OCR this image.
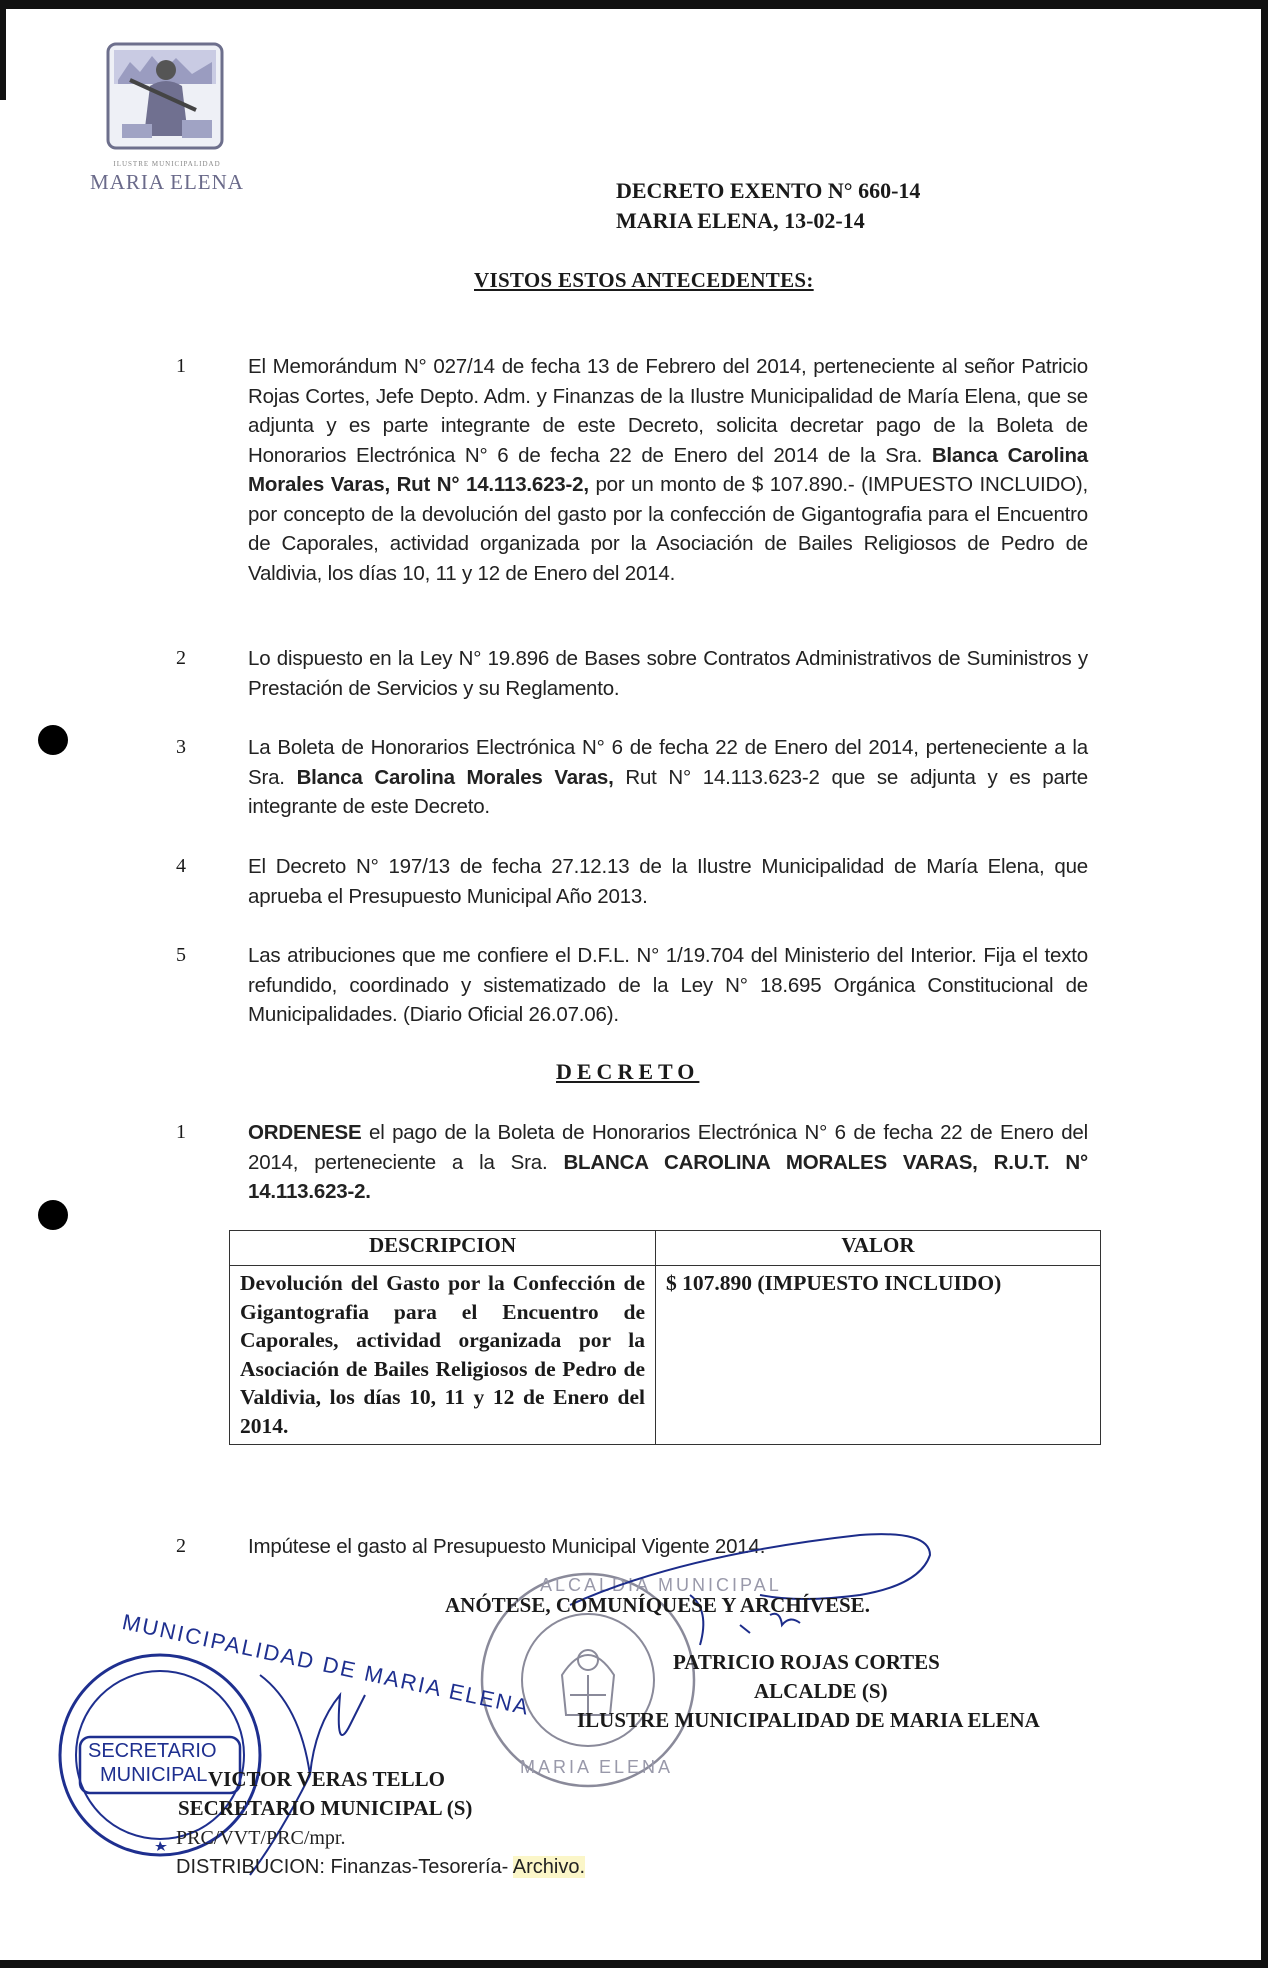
ILUSTRE MUNICIPALIDAD
MARIA ELENA	DECRETO EXENTO N° 660-14
MARIA ELENA, 13-02-14
VISTOS ESTOS ANTECEDENTES:
1	El Memorándum N° 027/14 de fecha 13 de Febrero del 2014, perteneciente al señor Patricio Rojas Cortes, Jefe Depto. Adm. y Finanzas de la Ilustre Municipalidad de María Elena, que se adjunta y es parte integrante de este Decreto, solicita decretar pago de la Boleta de Honorarios Electrónica N° 6 de fecha 22 de Enero del 2014 de la Sra. Blanca Carolina Morales Varas, Rut N° 14.113.623-2, por un monto de $ 107.890.- (IMPUESTO INCLUIDO), por concepto de la devolución del gasto por la confección de Gigantografia para el Encuentro de Caporales, actividad organizada por la Asociación de Bailes Religiosos de Pedro de Valdivia, los días 10, 11 y 12 de Enero del 2014.
2	Lo dispuesto en la Ley N° 19.896 de Bases sobre Contratos Administrativos de Suministros y Prestación de Servicios y su Reglamento.
3	La Boleta de Honorarios Electrónica N° 6 de fecha 22 de Enero del 2014, perteneciente a la Sra. Blanca Carolina Morales Varas, Rut N° 14.113.623-2 que se adjunta y es parte integrante de este Decreto.
4	El Decreto N° 197/13 de fecha 27.12.13 de la Ilustre Municipalidad de María Elena, que aprueba el Presupuesto Municipal Año 2013.
5	Las atribuciones que me confiere el D.F.L. N° 1/19.704 del Ministerio del Interior. Fija el texto refundido, coordinado y sistematizado de la Ley N° 18.695 Orgánica Constitucional de Municipalidades. (Diario Oficial 26.07.06).
DECRETO
1	ORDENESE el pago de la Boleta de Honorarios Electrónica N° 6 de fecha 22 de Enero del 2014, perteneciente a la Sra. BLANCA CAROLINA MORALES VARAS, R.U.T. N° 14.113.623-2.
DESCRIPCION	VALOR
Devolución del Gasto por la Confección de Gigantografia para el Encuentro de Caporales, actividad organizada por la Asociación de Bailes Religiosos de Pedro de Valdivia, los días 10, 11 y 12 de Enero del 2014.	$ 107.890 (IMPUESTO INCLUIDO)
2	Impútese el gasto al Presupuesto Municipal Vigente 2014.
ALCALDIA MUNICIPAL
MARIA ELENA
ANÓTESE, COMUNÍQUESE Y ARCHÍVESE.
PATRICIO ROJAS CORTES
ALCALDE (S)
ILUSTRE MUNICIPALIDAD DE MARIA ELENA
MUNICIPALIDAD DE MARIA ELENA
SECRETARIO
MUNICIPAL VICTOR VERAS TELLO
SECRETARIO MUNICIPAL (S)
PRC/VVT/PRC/mpr.
DISTRIBUCION: Finanzas-Tesorería- Archivo.
